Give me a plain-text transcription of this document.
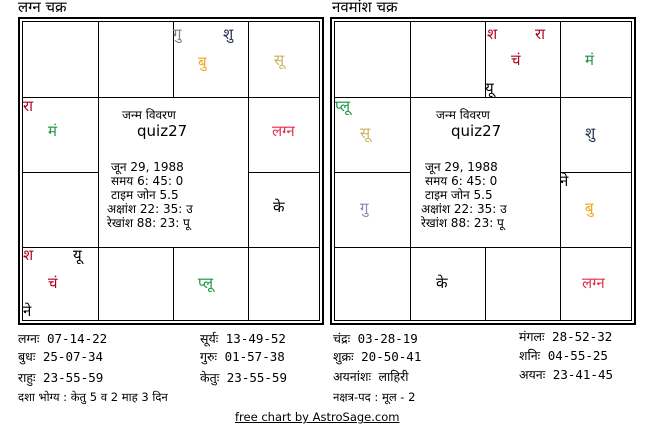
लग्न चक्र	नवमांश चक्र
जन्म विवरण
quiz27
जून 29, 1988
समय 6: 45: 0
टाइम जोन 5.5
अक्षांश 22: 35: उ
रेखांश 88: 23: पू
गु	शु
बु	सू
रा
मं	लग्न
के
श	यू
चं	प्लू
ने
जन्म विवरण
quiz27
जून 29, 1988
समय 6: 45: 0
टाइम जोन 5.5
अक्षांश 22: 35: उ
रेखांश 88: 23: पू
श	रा
चं
यू
मं
प्लू
सू	शु
गु
ने
बु
के	लग्न
लग्नः 07-14-22	सूर्यः 13-49-52	चंद्रः 03-28-19	मंगलः 28-52-32
बुधः 25-07-34	गुरुः 01-57-38	शुक्रः 20-50-41	शनिः 04-55-25
राहुः 23-55-59	केतुः 23-55-59	अयनांशः लाहिरी	अयनः 23-41-45
दशा भोग्य : केतु 5 व 2 माह 3 दिन	नक्षत्र-पद : मूल - 2
free chart by AstroSage.com
